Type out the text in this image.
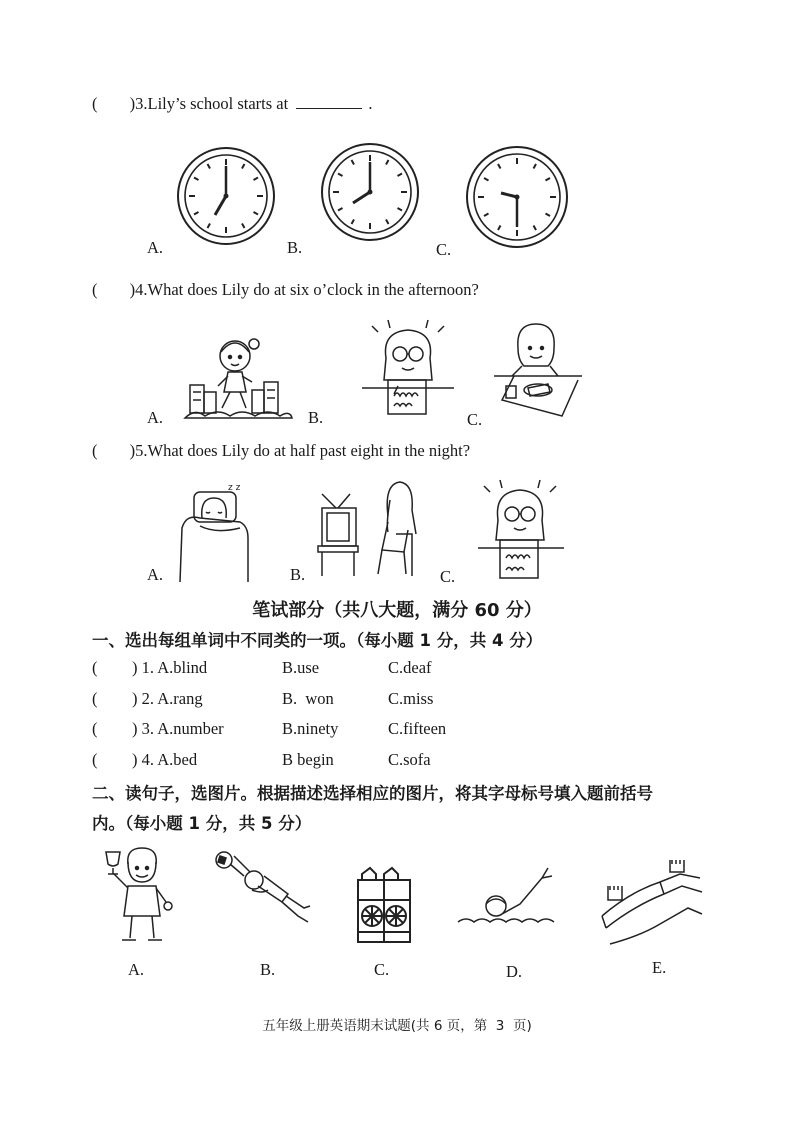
( )3.Lily’s school starts at	.
A.	B.	C.
( )4.What does Lily do at six o’clock in the afternoon?
A.	B.	C.
( )5.What does Lily do at half past eight in the night?
z z
A.	B.	C.
笔试部分（共八大题，满分 60 分）
一、选出每组单词中不同类的一项。（每小题 1 分，共 4 分）
( ) 1. A.blind	B.use	C.deaf
( ) 2. A.rang	B.  won	C.miss
( ) 3. A.number	B.ninety	C.fifteen
( ) 4. A.bed	B begin	C.sofa
二、读句子，选图片。根据描述选择相应的图片，将其字母标号填入题前括号
内。（每小题 1 分，共 5 分）
A.	B.	C.	D.	E.
五年级上册英语期末试题(共 6 页，第  3  页)
